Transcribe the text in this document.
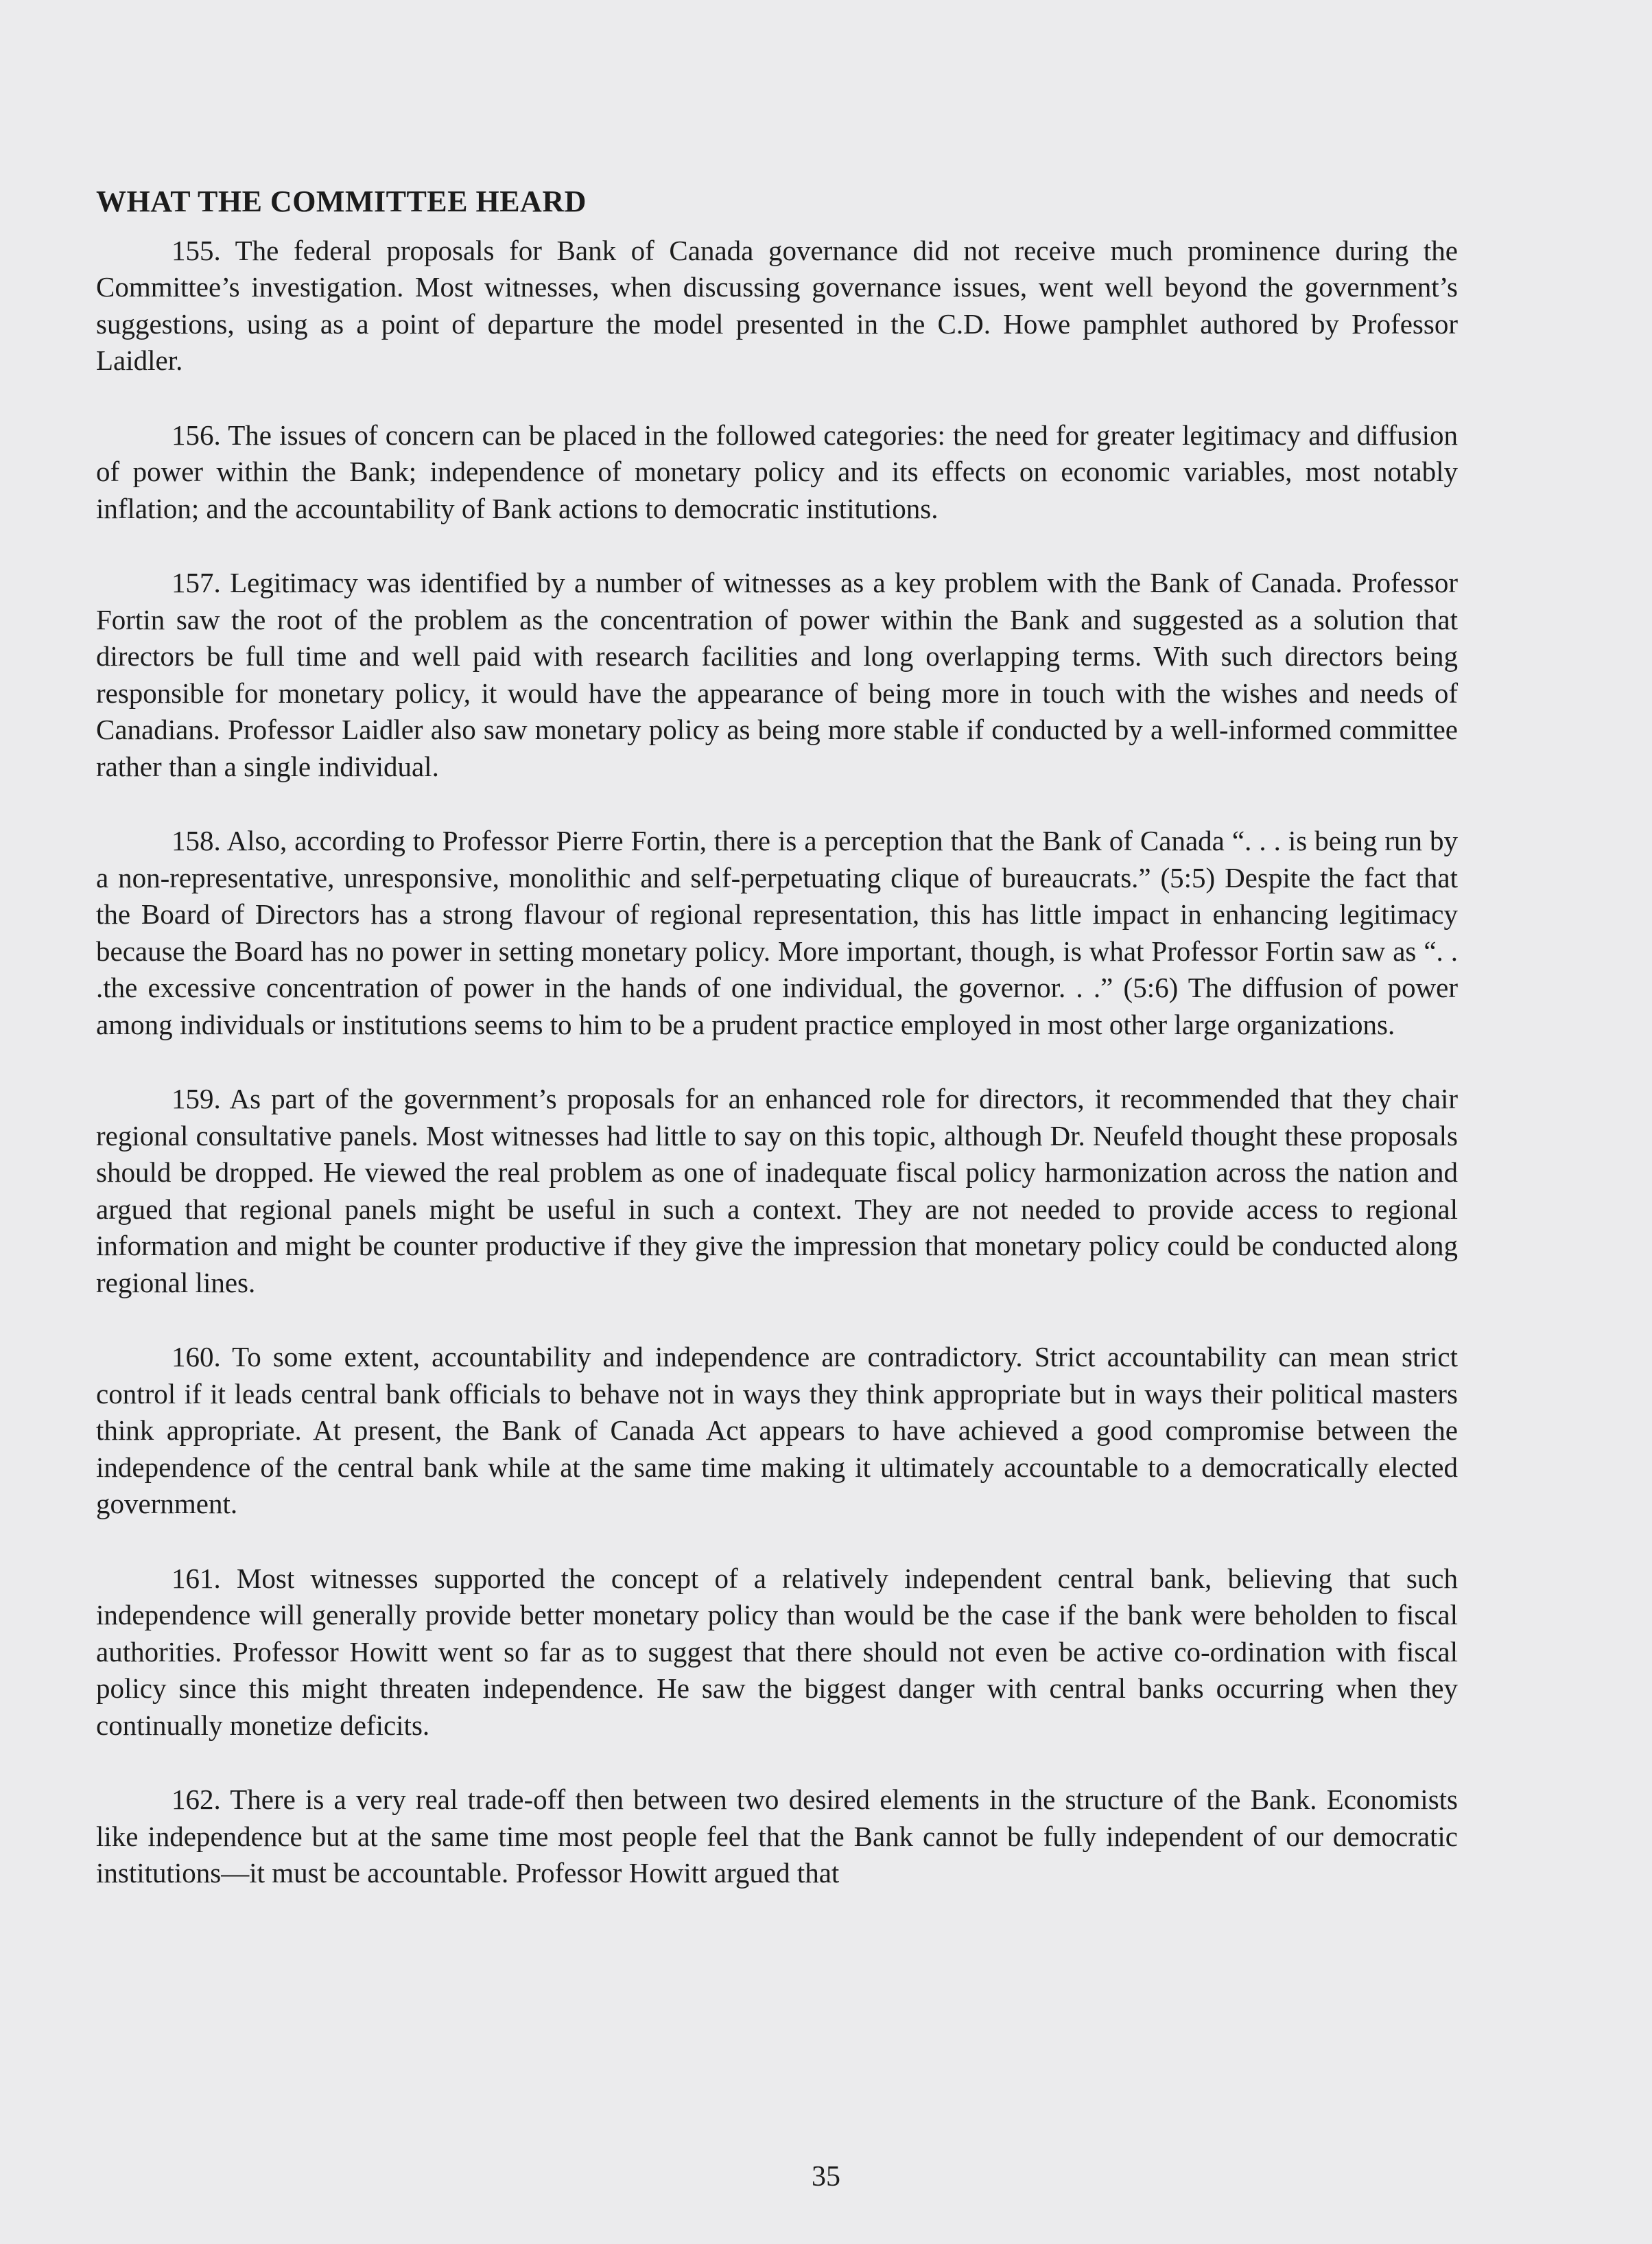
WHAT THE COMMITTEE HEARD

155. The federal proposals for Bank of Canada governance did not receive much prominence during the Committee’s investigation. Most witnesses, when discussing governance issues, went well beyond the government’s suggestions, using as a point of departure the model presented in the C.D. Howe pamphlet authored by Professor Laidler.

156. The issues of concern can be placed in the followed categories: the need for greater legitimacy and diffusion of power within the Bank; independence of monetary policy and its effects on economic variables, most notably inflation; and the accountability of Bank actions to democratic institutions.

157. Legitimacy was identified by a number of witnesses as a key problem with the Bank of Canada. Professor Fortin saw the root of the problem as the concentration of power within the Bank and suggested as a solution that directors be full time and well paid with research facilities and long overlapping terms. With such directors being responsible for monetary policy, it would have the appearance of being more in touch with the wishes and needs of Canadians. Professor Laidler also saw monetary policy as being more stable if conducted by a well-informed committee rather than a single individual.

158. Also, according to Professor Pierre Fortin, there is a perception that the Bank of Canada “. . . is being run by a non-representative, unresponsive, monolithic and self-perpetuating clique of bureaucrats.” (5:5) Despite the fact that the Board of Directors has a strong flavour of regional representation, this has little impact in enhancing legitimacy because the Board has no power in setting monetary policy. More important, though, is what Professor Fortin saw as “. . .the excessive concentration of power in the hands of one individual, the governor. . .” (5:6) The diffusion of power among individuals or institutions seems to him to be a prudent practice employed in most other large organizations.

159. As part of the government’s proposals for an enhanced role for directors, it recommended that they chair regional consultative panels. Most witnesses had little to say on this topic, although Dr. Neufeld thought these proposals should be dropped. He viewed the real problem as one of inadequate fiscal policy harmonization across the nation and argued that regional panels might be useful in such a context. They are not needed to provide access to regional information and might be counter productive if they give the impression that monetary policy could be conducted along regional lines.

160. To some extent, accountability and independence are contradictory. Strict accountability can mean strict control if it leads central bank officials to behave not in ways they think appropriate but in ways their political masters think appropriate. At present, the Bank of Canada Act appears to have achieved a good compromise between the independence of the central bank while at the same time making it ultimately accountable to a democratically elected government.

161. Most witnesses supported the concept of a relatively independent central bank, believing that such independence will generally provide better monetary policy than would be the case if the bank were beholden to fiscal authorities. Professor Howitt went so far as to suggest that there should not even be active co-ordination with fiscal policy since this might threaten independence. He saw the biggest danger with central banks occurring when they continually monetize deficits.

162. There is a very real trade-off then between two desired elements in the structure of the Bank. Economists like independence but at the same time most people feel that the Bank cannot be fully independent of our democratic institutions—it must be accountable. Professor Howitt argued that

35
